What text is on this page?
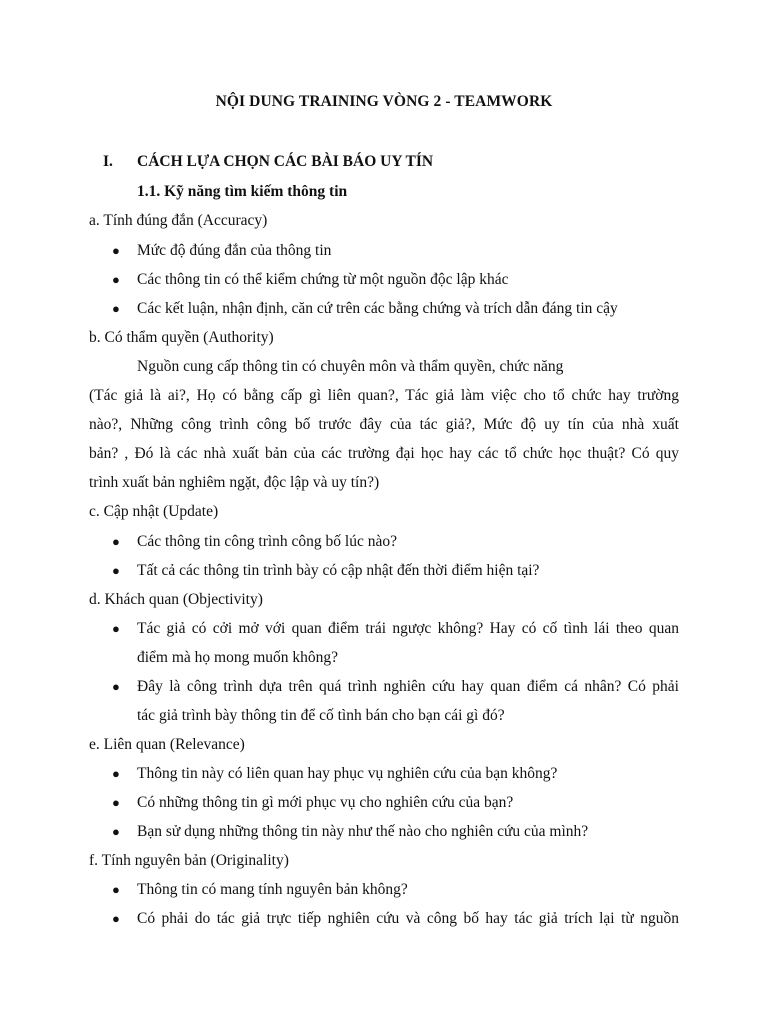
NỘI DUNG TRAINING VÒNG 2 - TEAMWORK
I. CÁCH LỰA CHỌN CÁC BÀI BÁO UY TÍN
1.1. Kỹ năng tìm kiếm thông tin
a. Tính đúng đắn (Accuracy)
● Mức độ đúng đắn của thông tin
● Các thông tin có thể kiểm chứng từ một nguồn độc lập khác
● Các kết luận, nhận định, căn cứ trên các bằng chứng và trích dẫn đáng tin cậy
b. Có thẩm quyền (Authority)
Nguồn cung cấp thông tin có chuyên môn và thẩm quyền, chức năng
(Tác giả là ai?, Họ có bằng cấp gì liên quan?, Tác giả làm việc cho tổ chức hay trường
nào?, Những công trình công bố trước đây của tác giả?, Mức độ uy tín của nhà xuất
bản? , Đó là các nhà xuất bản của các trường đại học hay các tổ chức học thuật? Có quy
trình xuất bản nghiêm ngặt, độc lập và uy tín?)
c. Cập nhật (Update)
● Các thông tin công trình công bố lúc nào?
● Tất cả các thông tin trình bày có cập nhật đến thời điểm hiện tại?
d. Khách quan (Objectivity)
● Tác giả có cởi mở với quan điểm trái ngược không? Hay có cố tình lái theo quan
điểm mà họ mong muốn không?
● Đây là công trình dựa trên quá trình nghiên cứu hay quan điểm cá nhân? Có phải
tác giả trình bày thông tin để cố tình bán cho bạn cái gì đó?
e. Liên quan (Relevance)
● Thông tin này có liên quan hay phục vụ nghiên cứu của bạn không?
● Có những thông tin gì mới phục vụ cho nghiên cứu của bạn?
● Bạn sử dụng những thông tin này như thế nào cho nghiên cứu của mình?
f. Tính nguyên bản (Originality)
● Thông tin có mang tính nguyên bản không?
● Có phải do tác giả trực tiếp nghiên cứu và công bố hay tác giả trích lại từ nguồn
